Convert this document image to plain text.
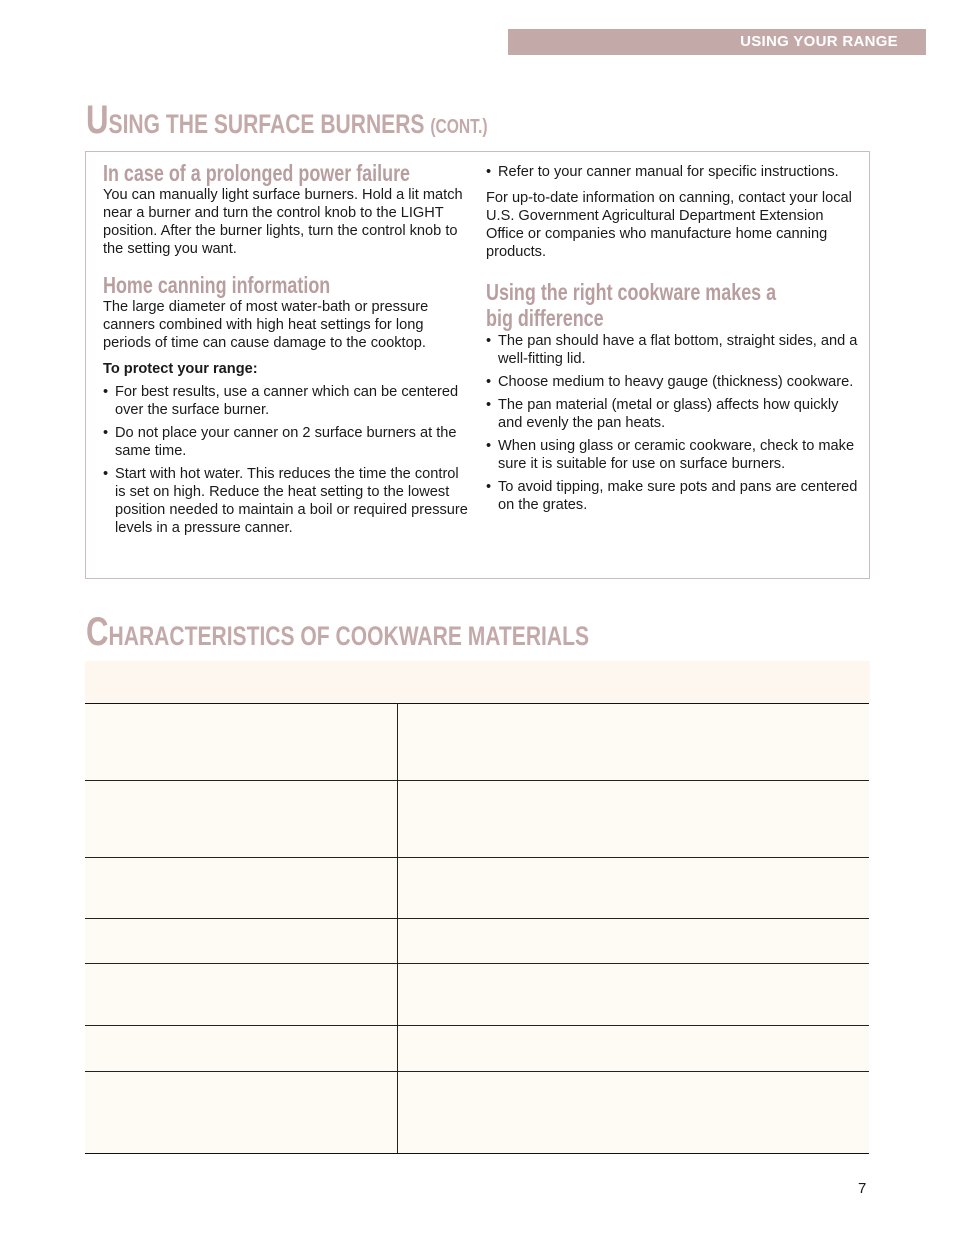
USING YOUR RANGE
USING THE SURFACE BURNERS (CONT.)
In case of a prolonged power failure

You can manually light surface burners. Hold a lit match near a burner and turn the control knob to the LIGHT position. After the burner lights, turn the control knob to the setting you want.

Home canning information

The large diameter of most water-bath or pressure canners combined with high heat settings for long periods of time can cause damage to the cooktop.

To protect your range:

• For best results, use a canner which can be centered over the surface burner.
• Do not place your canner on 2 surface burners at the same time.
• Start with hot water. This reduces the time the control is set on high. Reduce the heat setting to the lowest position needed to maintain a boil or required pressure levels in a pressure canner.
• Refer to your canner manual for specific instructions.

For up-to-date information on canning, contact your local U.S. Government Agricultural Department Extension Office or companies who manufacture home canning products.

Using the right cookware makes a
big difference
• The pan should have a flat bottom, straight sides, and a well-fitting lid.
• Choose medium to heavy gauge (thickness) cookware.
• The pan material (metal or glass) affects how quickly and evenly the pan heats.
• When using glass or ceramic cookware, check to make sure it is suitable for use on surface burners.
• To avoid tipping, make sure pots and pans are centered on the grates.
CHARACTERISTICS OF COOKWARE MATERIALS

7
